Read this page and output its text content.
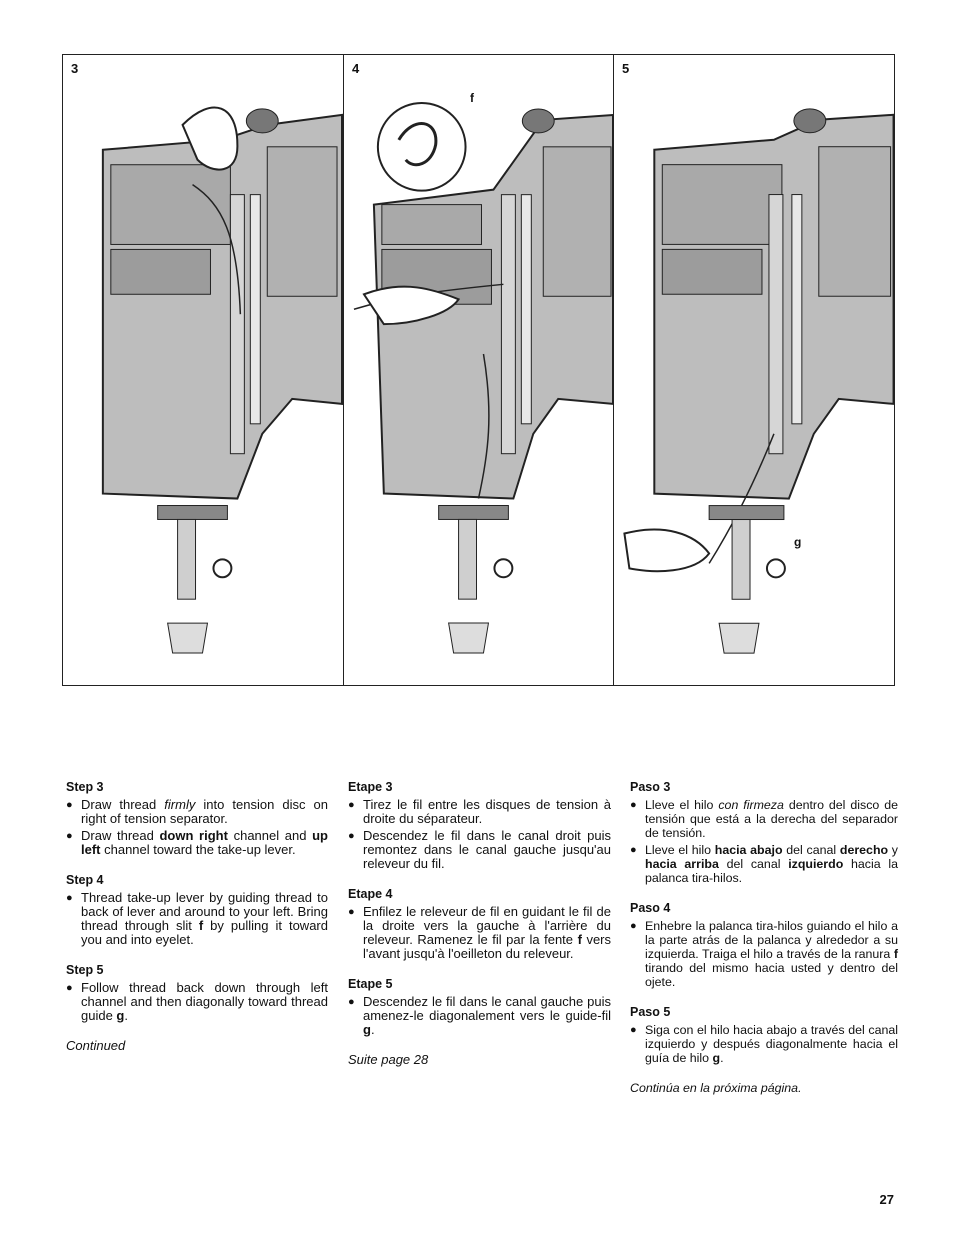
3	4
f
5
g
Step 3
● Draw thread firmly into tension disc on right of tension separator.
● Draw thread down right channel and up left channel toward the take-up lever.
Step 4
● Thread take-up lever by guiding thread to back of lever and around to your left. Bring thread through slit f by pulling it toward you and into eyelet.
Step 5
● Follow thread back down through left channel and then diagonally toward thread guide g.
Continued
Etape 3
● Tirez le fil entre les disques de tension à droite du séparateur.
● Descendez le fil dans le canal droit puis remontez dans le canal gauche jusqu'au releveur du fil.
Etape 4
● Enfilez le releveur de fil en guidant le fil de la droite vers la gauche à l'arrière du releveur. Ramenez le fil par la fente f vers l'avant jusqu'à l'oeilleton du releveur.
Etape 5
● Descendez le fil dans le canal gauche puis amenez-le diagonalement vers le guide-fil g.
Suite page 28
Paso 3
● Lleve el hilo con firmeza dentro del disco de tensión que está a la derecha del separador de tensión.
● Lleve el hilo hacia abajo del canal derecho y hacia arriba del canal izquierdo hacia la palanca tira-hilos.
Paso 4
● Enhebre la palanca tira-hilos guiando el hilo a la parte atrás de la palanca y alrededor a su izquierda. Traiga el hilo a través de la ranura f tirando del mismo hacia usted y dentro del ojete.
Paso 5
● Siga con el hilo hacia abajo a través del canal izquierdo y después diagonalmente hacia el guía de hilo g.
Continúa en la próxima página.
27
